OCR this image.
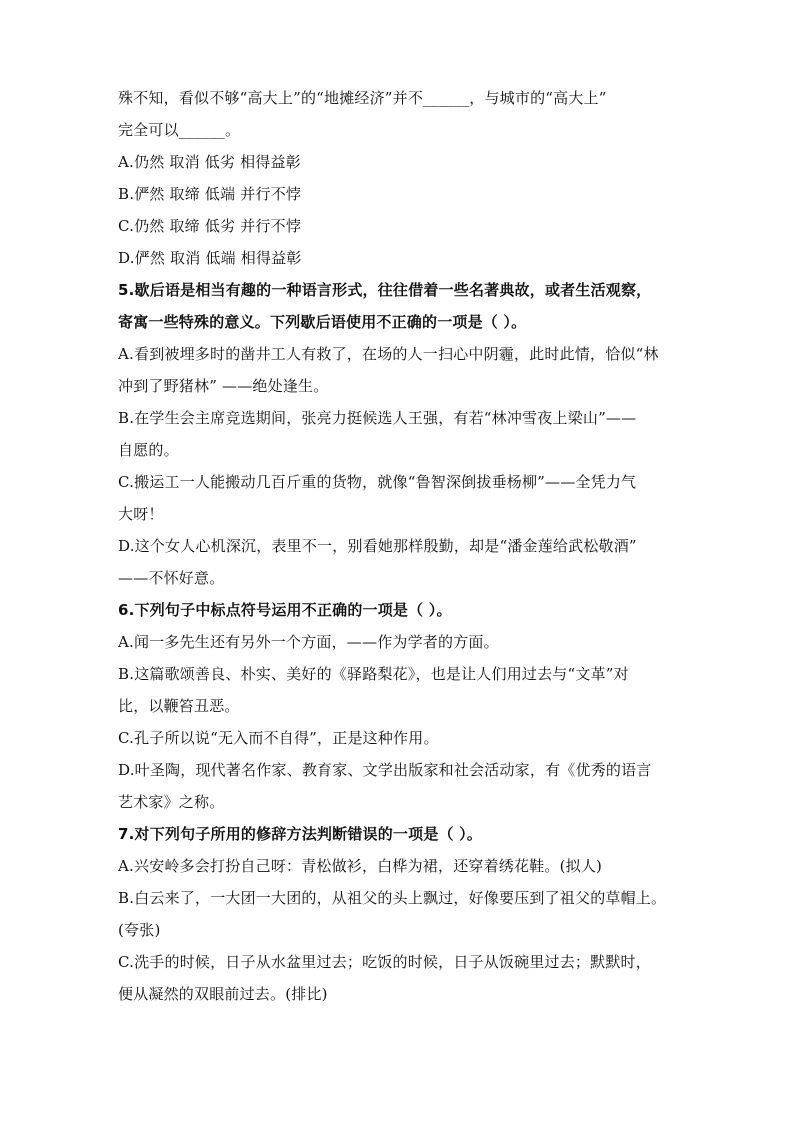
殊不知，看似不够“高大上”的“地摊经济”并不______，与城市的“高大上”
完全可以______。
A.仍然 取消 低劣 相得益彰
B.俨然 取缔 低端 并行不悖
C.仍然 取缔 低劣 并行不悖
D.俨然 取消 低端 相得益彰
5.歇后语是相当有趣的一种语言形式，往往借着一些名著典故，或者生活观察，
寄寓一些特殊的意义。下列歇后语使用不正确的一项是（ ）。
A.看到被埋多时的凿井工人有救了，在场的人一扫心中阴霾，此时此情，恰似“林
冲到了野猪林” ——绝处逢生。
B.在学生会主席竞选期间，张亮力挺候选人王强，有若“林冲雪夜上梁山”——
自愿的。
C.搬运工一人能搬动几百斤重的货物，就像“鲁智深倒拔垂杨柳”——全凭力气
大呀！
D.这个女人心机深沉，表里不一，别看她那样殷勤，却是“潘金莲给武松敬酒”
——不怀好意。
6.下列句子中标点符号运用不正确的一项是（ ）。
A.闻一多先生还有另外一个方面，——作为学者的方面。
B.这篇歌颂善良、朴实、美好的《驿路梨花》，也是让人们用过去与“文革”对
比，以鞭笞丑恶。
C.孔子所以说“无入而不自得”，正是这种作用。
D.叶圣陶，现代著名作家、教育家、文学出版家和社会活动家，有《优秀的语言
艺术家》之称。
7.对下列句子所用的修辞方法判断错误的一项是（ ）。
A.兴安岭多会打扮自己呀：青松做衫，白桦为裙，还穿着绣花鞋。(拟人)
B.白云来了，一大团一大团的，从祖父的头上飘过，好像要压到了祖父的草帽上。
(夸张)
C.洗手的时候，日子从水盆里过去；吃饭的时候，日子从饭碗里过去；默默时，
便从凝然的双眼前过去。(排比)
